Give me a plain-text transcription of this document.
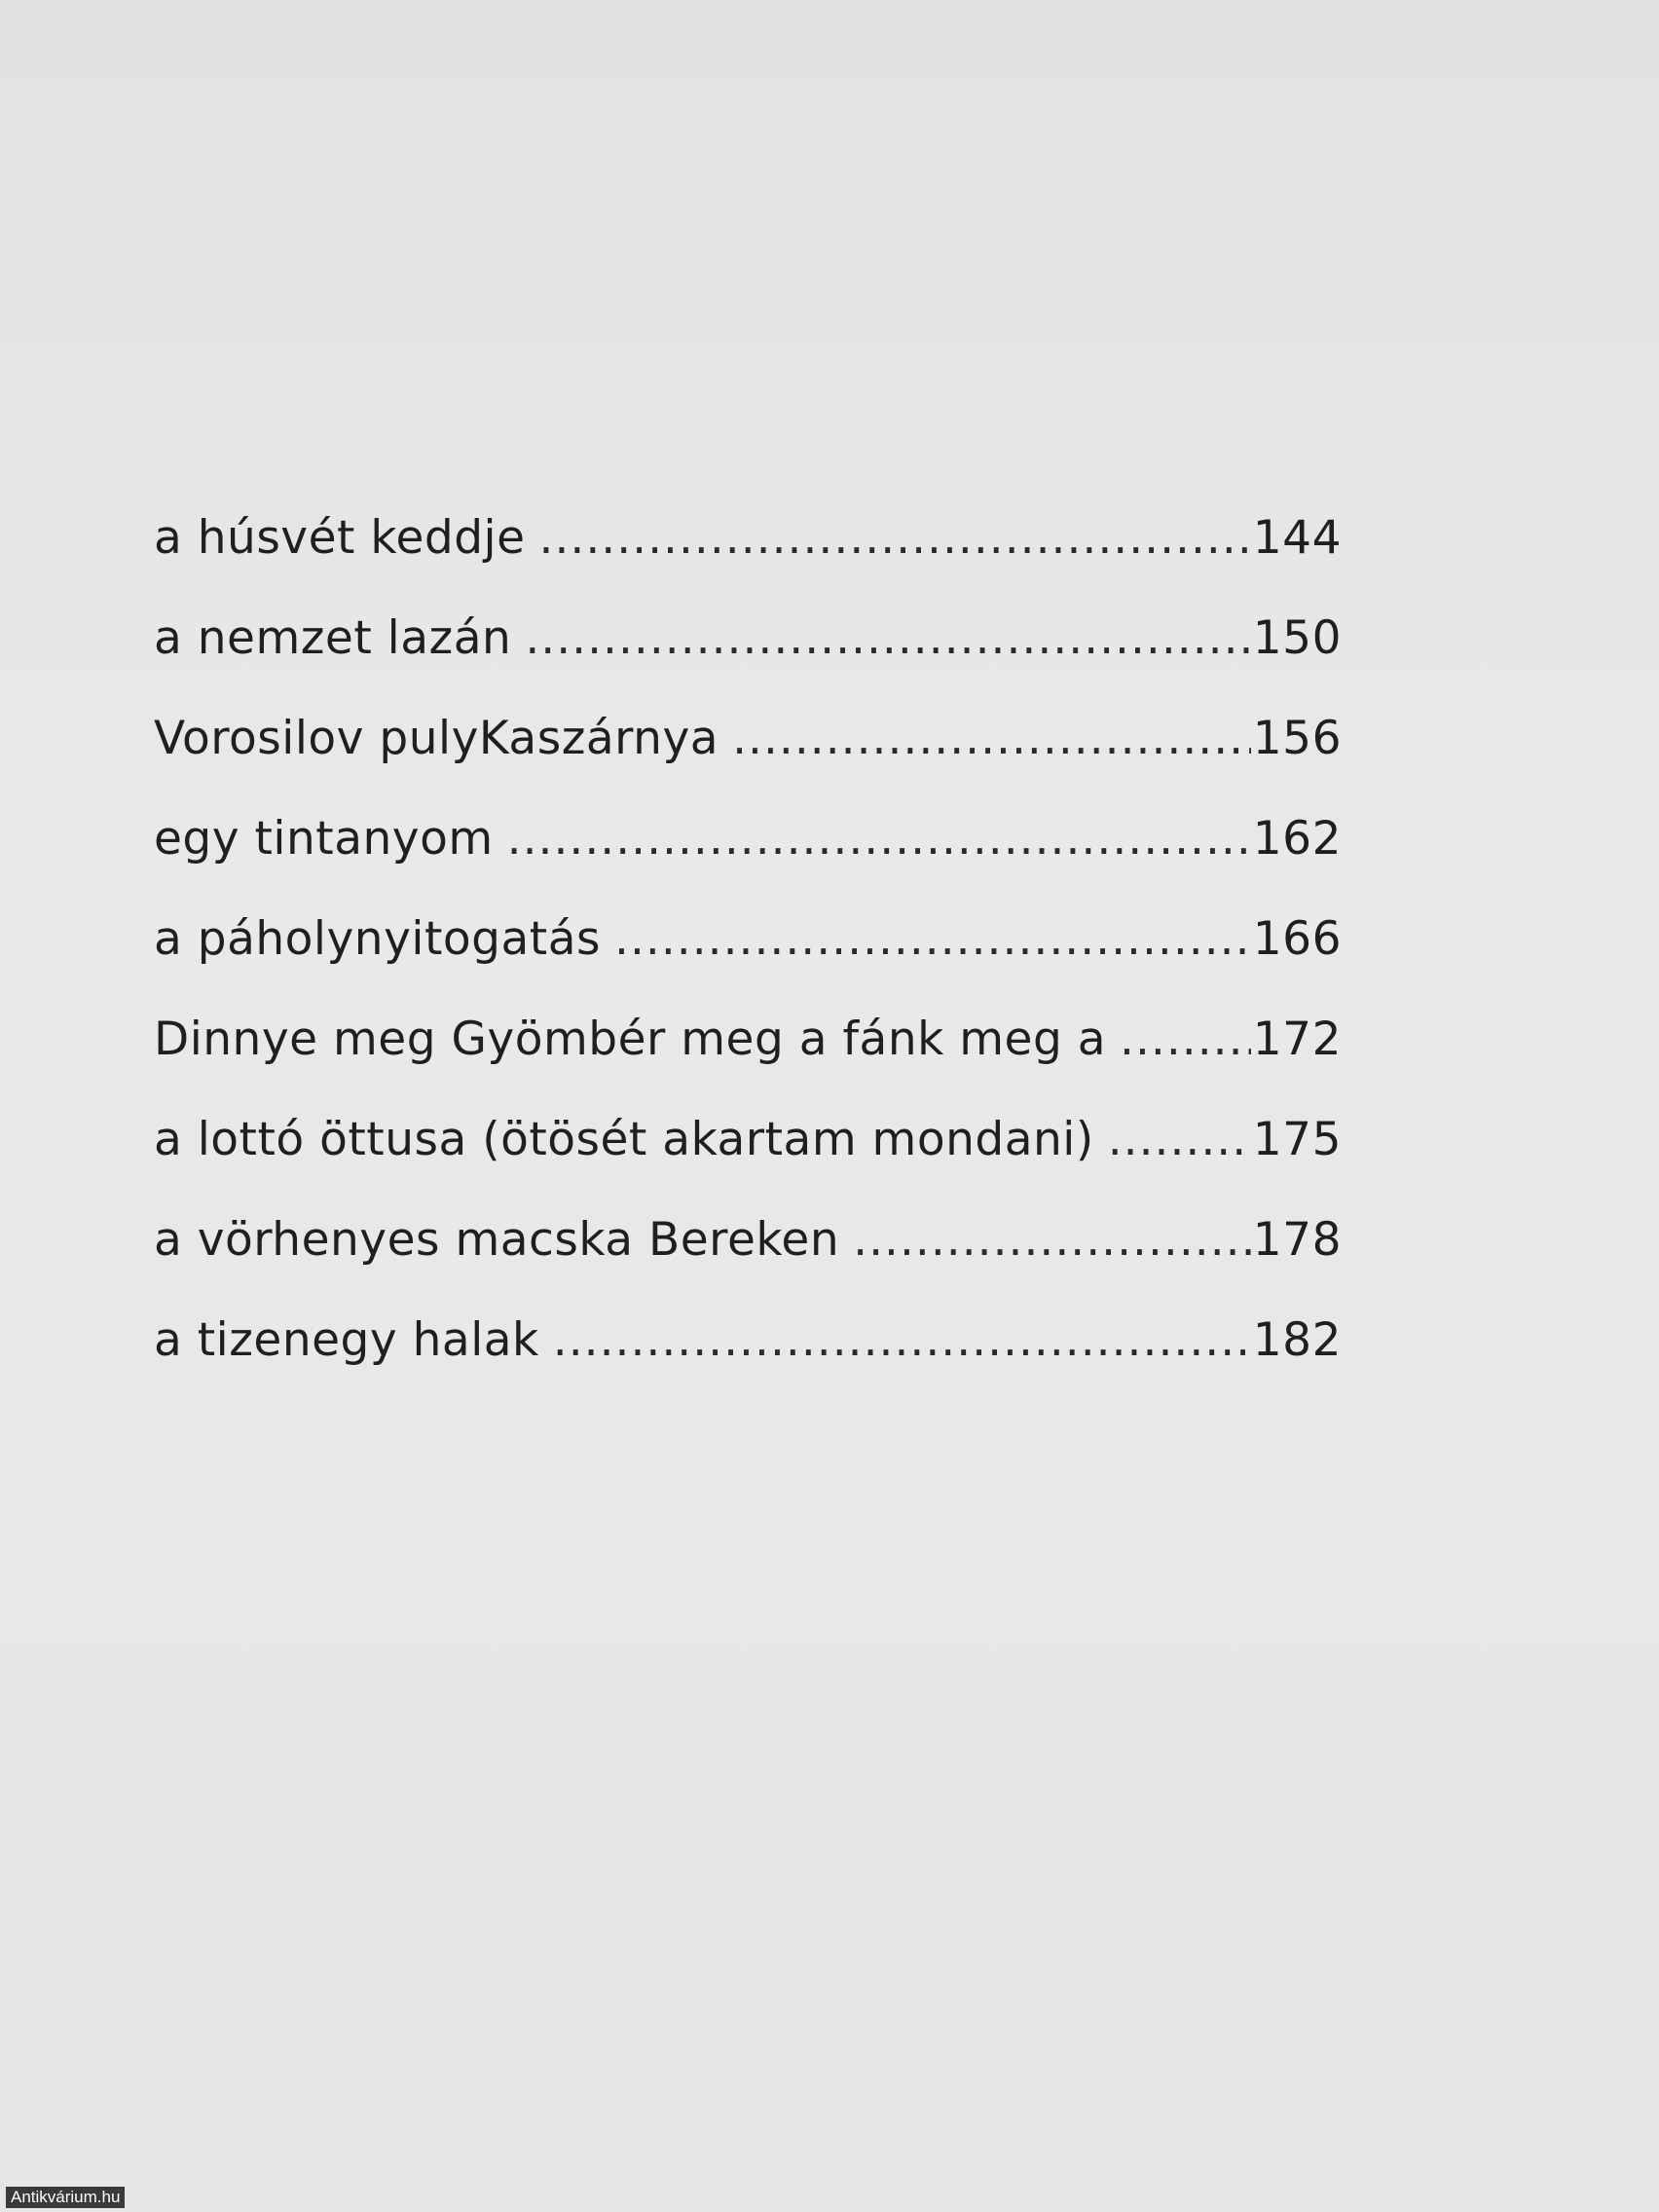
a húsvét keddje .....	144
a nemzet lazán .....	150
Vorosilov pulyKaszárnya .....	156
egy tintanyom .....	162
a páholynyitogatás .....	166
Dinnye meg Gyömbér meg a fánk meg a .....	172
a lottó öttusa (ötösét akartam mondani) .....	175
a vörhenyes macska Bereken .....	178
a tizenegy halak .....	182
Antikvárium.hu
